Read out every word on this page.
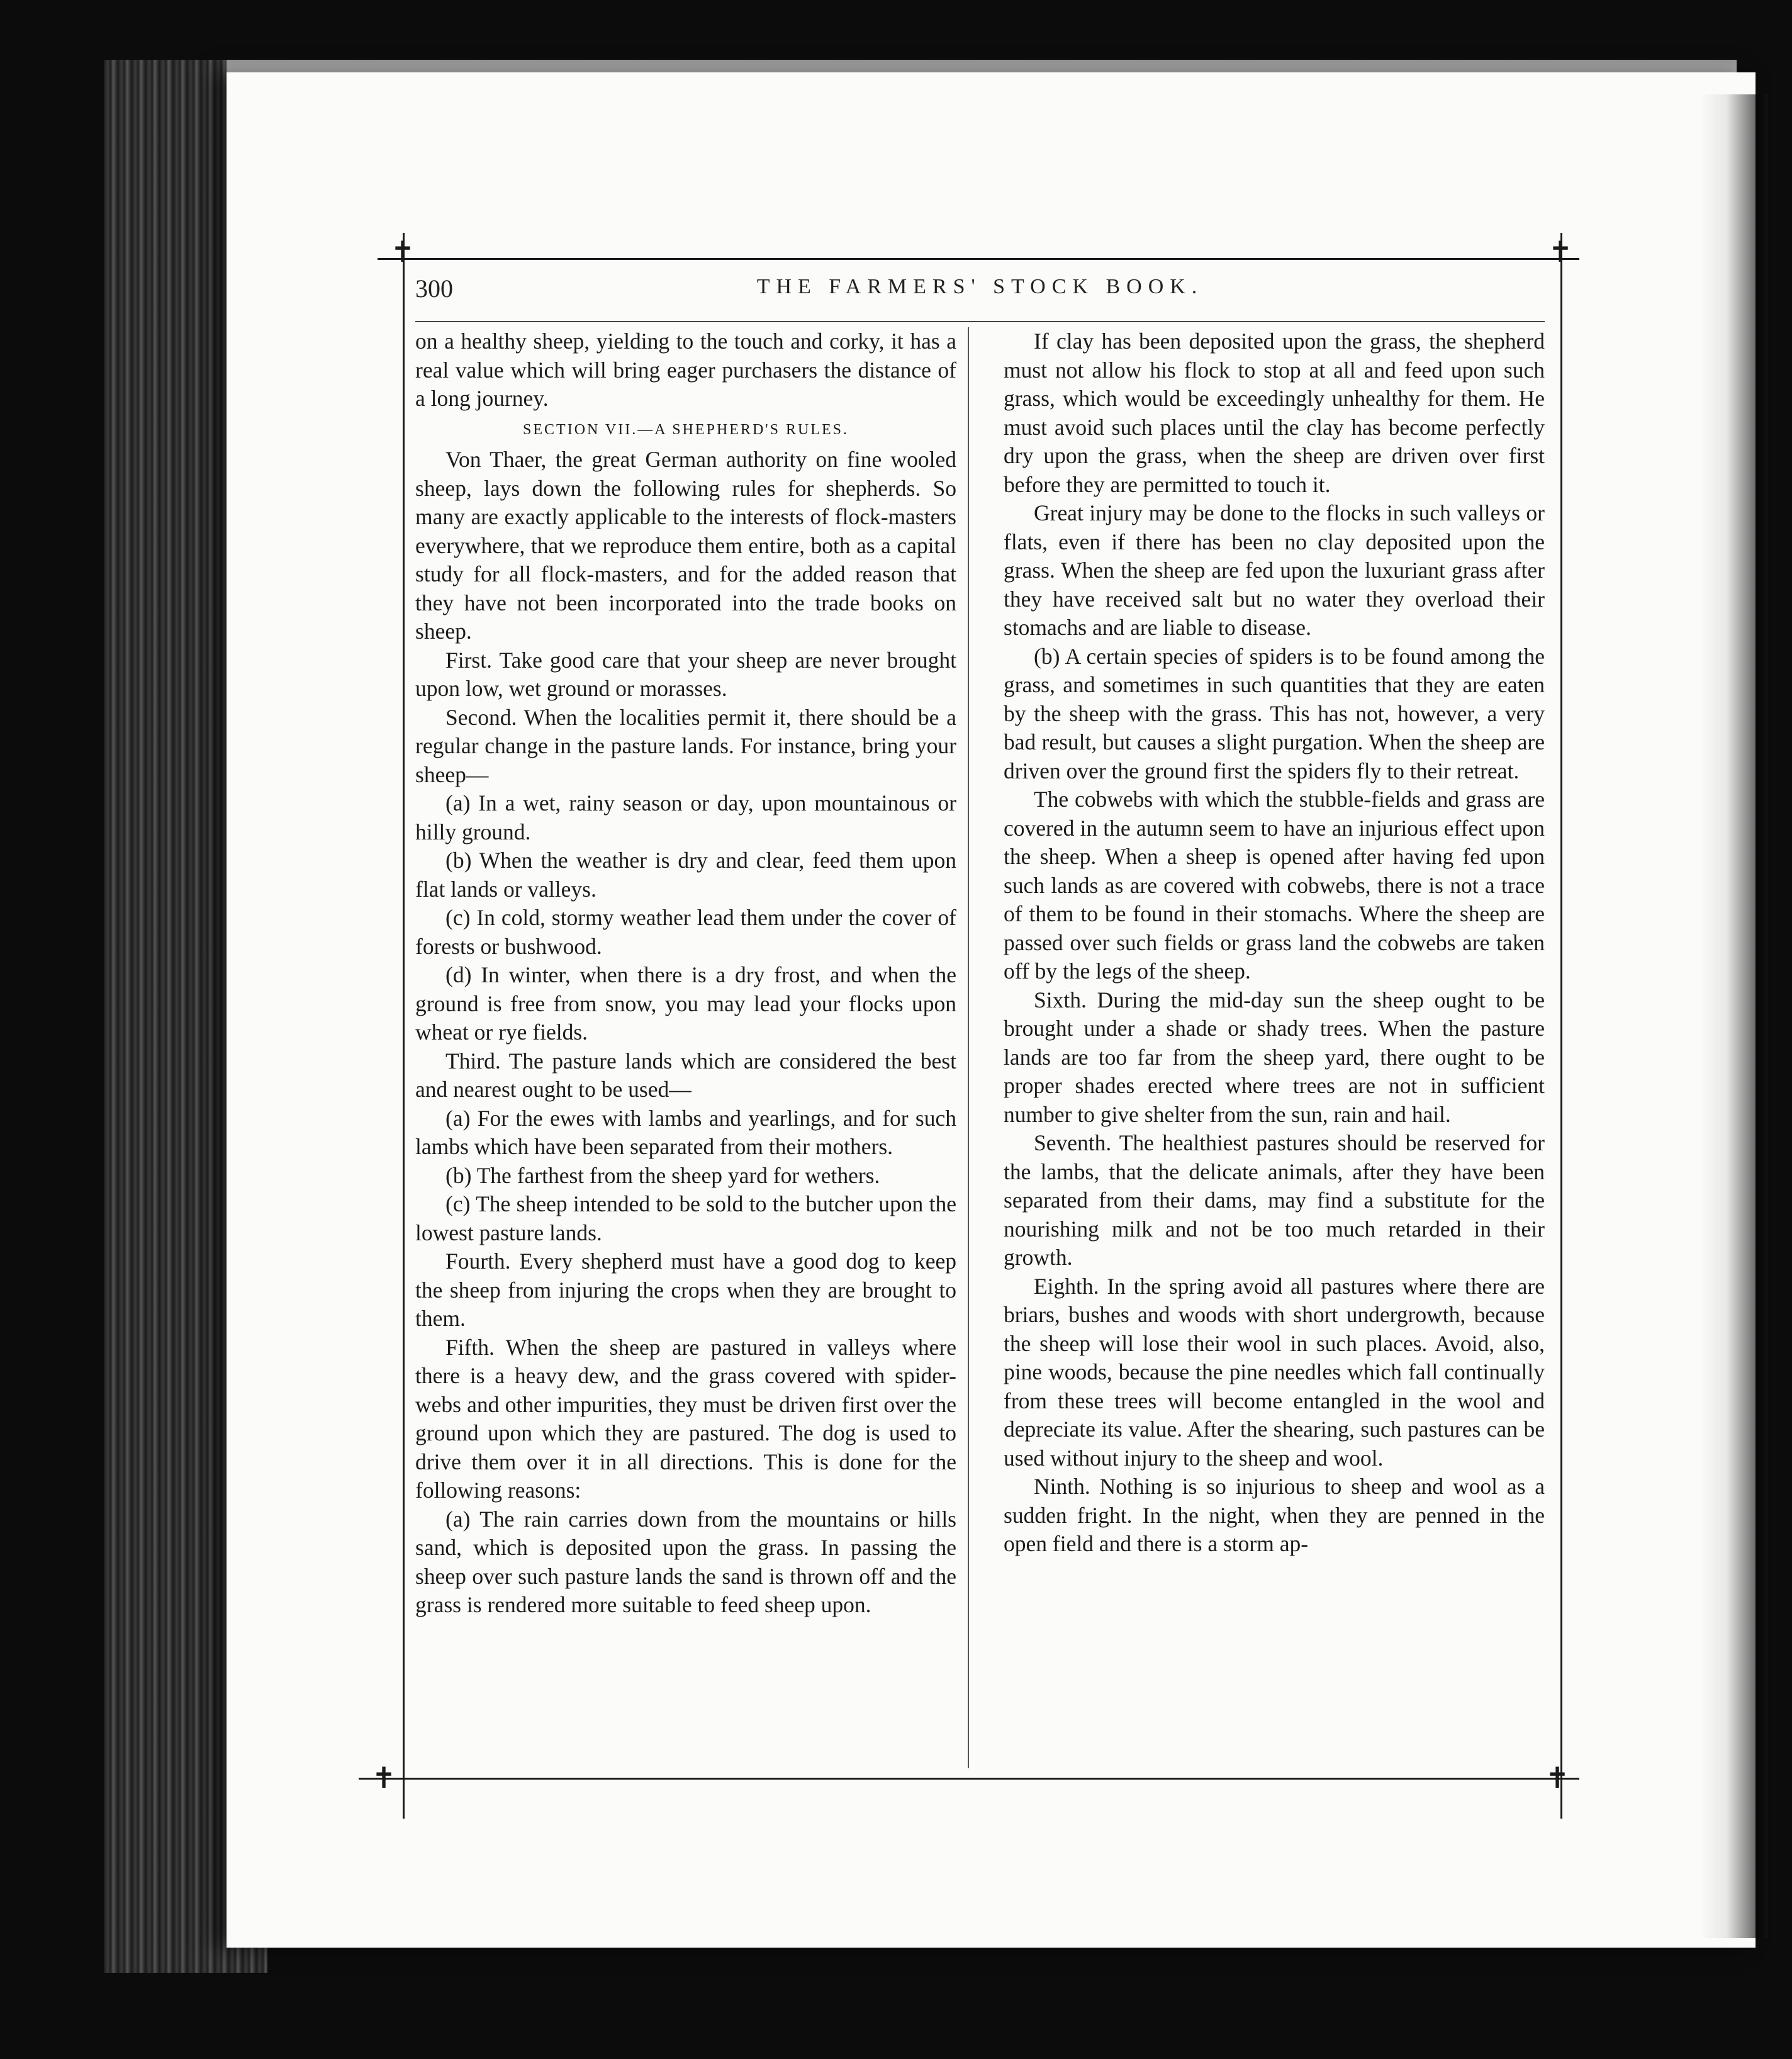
✝	✝
✝	✝
300	THE FARMERS' STOCK BOOK.

on a healthy sheep, yielding to the touch and corky, it has a real value which will bring eager purchasers the distance of a long journey.

SECTION VII.—A SHEPHERD'S RULES.

Von Thaer, the great German authority on fine wooled sheep, lays down the following rules for shepherds. So many are exactly applicable to the interests of flock-masters everywhere, that we reproduce them entire, both as a capital study for all flock-masters, and for the added reason that they have not been incorporated into the trade books on sheep.

First. Take good care that your sheep are never brought upon low, wet ground or morasses.

Second. When the localities permit it, there should be a regular change in the pasture lands. For instance, bring your sheep—

(a) In a wet, rainy season or day, upon mountainous or hilly ground.

(b) When the weather is dry and clear, feed them upon flat lands or valleys.

(c) In cold, stormy weather lead them under the cover of forests or bushwood.

(d) In winter, when there is a dry frost, and when the ground is free from snow, you may lead your flocks upon wheat or rye fields.

Third. The pasture lands which are considered the best and nearest ought to be used—

(a) For the ewes with lambs and yearlings, and for such lambs which have been separated from their mothers.

(b) The farthest from the sheep yard for wethers.

(c) The sheep intended to be sold to the butcher upon the lowest pasture lands.

Fourth. Every shepherd must have a good dog to keep the sheep from injuring the crops when they are brought to them.

Fifth. When the sheep are pastured in valleys where there is a heavy dew, and the grass covered with spider-webs and other impurities, they must be driven first over the ground upon which they are pastured. The dog is used to drive them over it in all directions. This is done for the following reasons:

(a) The rain carries down from the mountains or hills sand, which is deposited upon the grass. In passing the sheep over such pasture lands the sand is thrown off and the grass is rendered more suitable to feed sheep upon.

If clay has been deposited upon the grass, the shepherd must not allow his flock to stop at all and feed upon such grass, which would be exceedingly unhealthy for them. He must avoid such places until the clay has become perfectly dry upon the grass, when the sheep are driven over first before they are permitted to touch it.

Great injury may be done to the flocks in such valleys or flats, even if there has been no clay deposited upon the grass. When the sheep are fed upon the luxuriant grass after they have received salt but no water they overload their stomachs and are liable to disease.

(b) A certain species of spiders is to be found among the grass, and sometimes in such quantities that they are eaten by the sheep with the grass. This has not, however, a very bad result, but causes a slight purgation. When the sheep are driven over the ground first the spiders fly to their retreat.

The cobwebs with which the stubble-fields and grass are covered in the autumn seem to have an injurious effect upon the sheep. When a sheep is opened after having fed upon such lands as are covered with cobwebs, there is not a trace of them to be found in their stomachs. Where the sheep are passed over such fields or grass land the cobwebs are taken off by the legs of the sheep.

Sixth. During the mid-day sun the sheep ought to be brought under a shade or shady trees. When the pasture lands are too far from the sheep yard, there ought to be proper shades erected where trees are not in sufficient number to give shelter from the sun, rain and hail.

Seventh. The healthiest pastures should be reserved for the lambs, that the delicate animals, after they have been separated from their dams, may find a substitute for the nourishing milk and not be too much retarded in their growth.

Eighth. In the spring avoid all pastures where there are briars, bushes and woods with short undergrowth, because the sheep will lose their wool in such places. Avoid, also, pine woods, because the pine needles which fall continually from these trees will become entangled in the wool and depreciate its value. After the shearing, such pastures can be used without injury to the sheep and wool.

Ninth. Nothing is so injurious to sheep and wool as a sudden fright. In the night, when they are penned in the open field and there is a storm ap-
